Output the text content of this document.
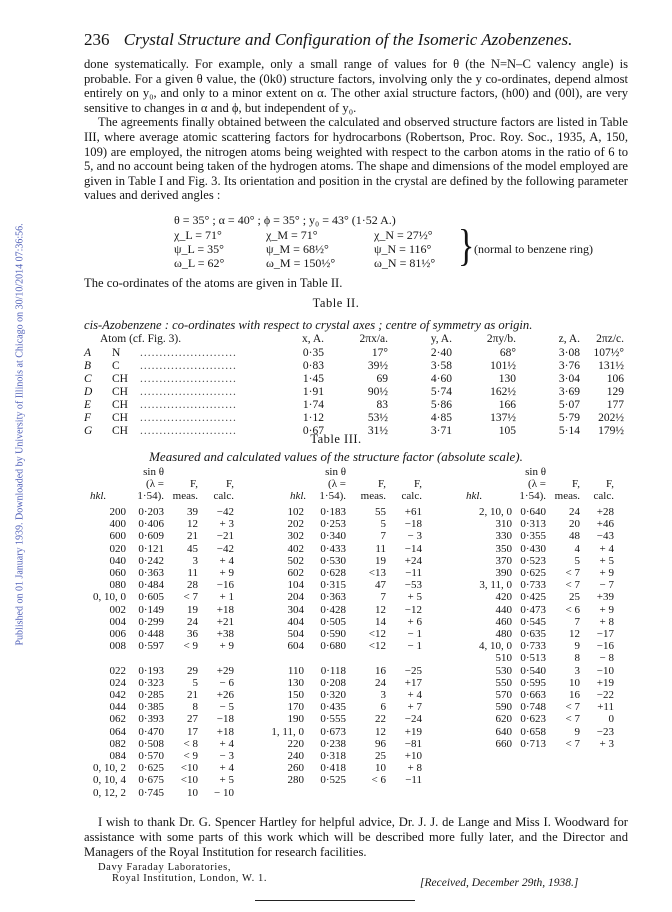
Published on 01 January 1939. Downloaded by University of Illinois at Chicago on 30/10/2014 07:36:56.
236 Crystal Structure and Configuration of the Isomeric Azobenzenes.

done systematically. For example, only a small range of values for θ (the N=N–C valency angle) is probable. For a given θ value, the (0k0) structure factors, involving only the y co-ordinates, depend almost entirely on y₀, and only to a minor extent on α. The other axial structure factors, (h00) and (00l), are very sensitive to changes in α and ϕ, but independent of y₀.

The agreements finally obtained between the calculated and observed structure factors are listed in Table III, where average atomic scattering factors for hydrocarbons (Robertson, Proc. Roy. Soc., 1935, A, 150, 109) are employed, the nitrogen atoms being weighted with respect to the carbon atoms in the ratio of 6 to 5, and no account being taken of the hydrogen atoms. The shape and dimensions of the model employed are given in Table I and Fig. 3. Its orientation and position in the crystal are defined by the following parameter values and derived angles :

θ = 35° ; α = 40° ; ϕ = 35° ; y₀ = 43° (1·52 A.)
χ_L = 71°	χ_M = 71°	χ_N = 27½°
ψ_L = 35°	ψ_M = 68½°	ψ_N = 116°
ω_L = 62°	ω_M = 150½°	ω_N = 81½° } (normal to benzene ring)
The co-ordinates of the atoms are given in Table II.
Table II.
cis-Azobenzene : co-ordinates with respect to crystal axes ; centre of symmetry as origin.
Atom (cf. Fig. 3).	x, A.	2πx/a.	y, A.	2πy/b.	z, A. 2πz/c.
A N .........................	0·35	17°	2·40	68°	3·08 107½°
B C .........................	0·83	39½	3·58	101½	3·76 131½
C CH .........................	1·45	69	4·60	130	3·04 106
D CH .........................	1·91	90½	5·74	162½	3·69 129
E CH .........................	1·74	83	5·86	166	5·07 177
F CH .........................	1·12	53½	4·85	137½	5·79 202½
G CH .........................	0·67	31½	3·71	105	5·14 179½
Table III.
Measured and calculated values of the structure factor (absolute scale).
sin θ
(λ = F,	F,
hkl.	1·54). meas. calc.
200 0·203 39 −42
400 0·406 12 + 3
600 0·609 21 −21
020 0·121 45 −42
040 0·242	3 + 4
060 0·363 11 + 9
080 0·484 28 −16
0, 10, 0 0·605 < 7 + 1
002 0·149 19 +18
004 0·299 24 +21
006 0·448 36 +38
008 0·597 < 9 + 9
022 0·193 29 +29
024 0·323	5 − 6
042 0·285 21 +26
044 0·385	8 − 5
062 0·393 27 −18
064 0·470 17 +18
082 0·508 < 8 + 4
084 0·570 < 9 − 3
0, 10, 2 0·625 <10 + 4
0, 10, 4 0·675 <10 + 5
0, 12, 2 0·745 10 − 10
sin θ
(λ =	F,	F,
hkl. 1·54). meas. calc.
102 0·183	55 +61
202 0·253	5 −18
302 0·340	7 − 3
402 0·433	11 −14
502 0·530	19 +24
602 0·628 <13 −11
104 0·315	47 −53
204 0·363	7 + 5
304 0·428	12 −12
404 0·505	14 + 6
504 0·590 <12 − 1
604 0·680 <12 − 1
110 0·118	16 −25
130 0·208	24 +17
150 0·320	3 + 4
170 0·435	6 + 7
190 0·555	22 −24
1, 11, 0 0·673	12 +19
220 0·238	96 −81
240 0·318	25 +10
260 0·418	10 + 8
280 0·525 < 6 −11
sin θ
(λ = F, F,
hkl.	1·54). meas. calc.
2, 10, 0 0·640 24 +28
310 0·313 20 +46
330 0·355 48 −43
350 0·430	4 + 4
370 0·523	5 + 5
390 0·625 < 7 + 9
3, 11, 0 0·733 < 7 − 7
420 0·425 25 +39
440 0·473 < 6 + 9
460 0·545	7 + 8
480 0·635 12 −17
4, 10, 0 0·733	9 −16
510 0·513	8 − 8
530 0·540	3 −10
550 0·595 10 +19
570 0·663 16 −22
590 0·748 < 7 +11
620 0·623 < 7	0
640 0·658	9 −23
660 0·713 < 7 + 3

I wish to thank Dr. G. Spencer Hartley for helpful advice, Dr. J. J. de Lange and Miss I. Woodward for assistance with some parts of this work which will be described more fully later, and the Director and Managers of the Royal Institution for research facilities.

Davy Faraday Laboratories,
Royal Institution, London, W. 1.	[Received, December 29th, 1938.]
